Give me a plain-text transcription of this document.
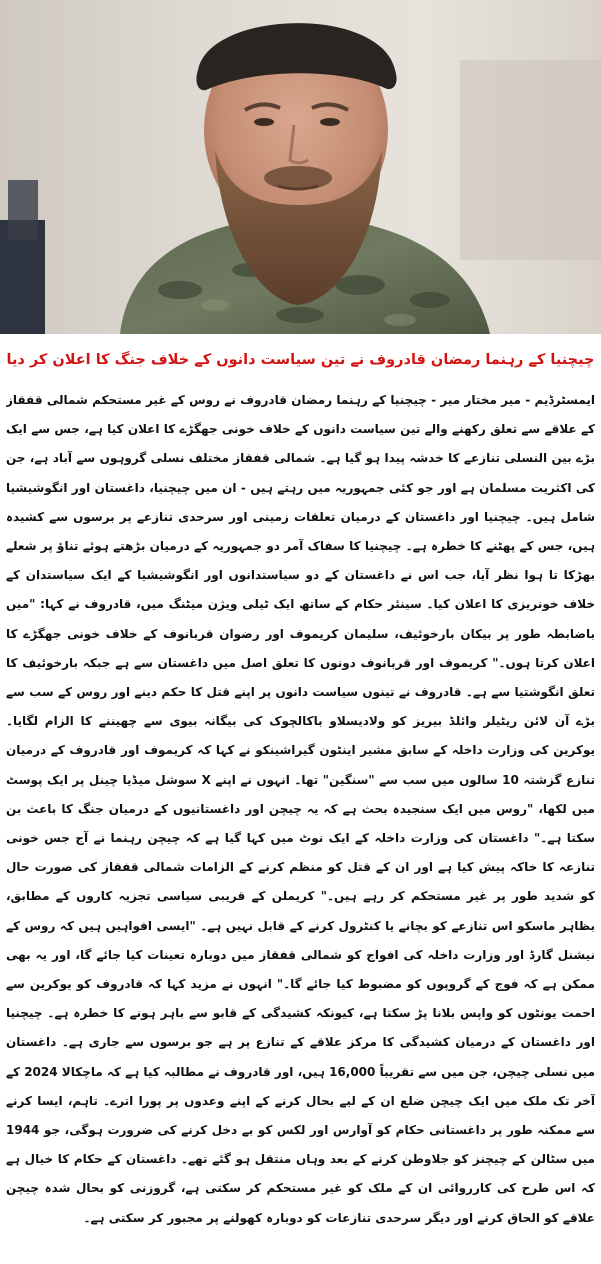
چیچنیا کے رہنما رمضان قادروف نے تین سیاست دانوں کے خلاف جنگ کا اعلان کر دیا

ایمسٹرڈیم - میر مختار میر - چیچنیا کے رہنما رمضان قادروف نے روس کے غیر مستحکم شمالی قفقاز کے علاقے سے تعلق رکھنے والے تین سیاست دانوں کے خلاف خونی جھگڑے کا اعلان کیا ہے، جس سے ایک بڑے بین النسلی تنازعے کا خدشہ پیدا ہو گیا ہے۔ شمالی قفقاز مختلف نسلی گروہوں سے آباد ہے، جن کی اکثریت مسلمان ہے اور جو کئی جمہوریہ میں رہتے ہیں - ان میں چیچنیا، داغستان اور انگوشیشیا شامل ہیں۔ چیچنیا اور داغستان کے درمیان تعلقات زمینی اور سرحدی تنازعے پر برسوں سے کشیدہ ہیں، جس کے پھٹنے کا خطرہ ہے۔ چیچنیا کا سفاک آمر دو جمہوریہ کے درمیان بڑھتے ہوئے تناؤ پر شعلے بھڑکا تا ہوا نظر آیا، جب اس نے داغستان کے دو سیاستدانوں اور انگوشیشیا کے ایک سیاستدان کے خلاف خونریزی کا اعلان کیا۔ سینئر حکام کے ساتھ ایک ٹیلی ویژن میٹنگ میں، قادروف نے کہا: "میں باضابطہ طور پر بیکان بارخوئیف، سلیمان کریموف اور رضوان قربانوف کے خلاف خونی جھگڑے کا اعلان کرتا ہوں۔" کریموف اور قربانوف دونوں کا تعلق اصل میں داغستان سے ہے جبکہ بارخوئیف کا تعلق انگوشتیا سے ہے۔ قادروف نے تینوں سیاست دانوں پر اپنے قتل کا حکم دینے اور روس کے سب سے بڑے آن لائن ریٹیلر وائلڈ بیریز کو ولادیسلاو باکالچوک کی بیگانہ بیوی سے چھیننے کا الزام لگایا۔ یوکرین کی وزارت داخلہ کے سابق مشیر اینٹون گیراشینکو نے کہا کہ کریموف اور قادروف کے درمیان تنازع گزشتہ 10 سالوں میں سب سے "سنگین" تھا۔ انہوں نے اپنے X سوشل میڈیا چینل پر ایک پوسٹ میں لکھا، "روس میں ایک سنجیدہ بحث ہے کہ یہ چیچن اور داغستانیوں کے درمیان جنگ کا باعث بن سکتا ہے۔" داغستان کی وزارت داخلہ کے ایک نوٹ میں کہا گیا ہے کہ چیچن رہنما نے آج جس خونی تنازعہ کا خاکہ پیش کیا ہے اور ان کے قتل کو منظم کرنے کے الزامات شمالی قفقاز کی صورت حال کو شدید طور پر غیر مستحکم کر رہے ہیں۔" کریملن کے قریبی سیاسی تجزیہ کاروں کے مطابق، بظاہر ماسکو اس تنازعے کو بچانے یا کنٹرول کرنے کے قابل نہیں ہے۔ "ایسی افواہیں ہیں کہ روس کے نیشنل گارڈ اور وزارت داخلہ کی افواج کو شمالی قفقاز میں دوبارہ تعینات کیا جائے گا، اور یہ بھی ممکن ہے کہ فوج کے گروپوں کو مضبوط کیا جائے گا۔" انہوں نے مزید کہا کہ قادروف کو یوکرین سے احمت یونٹوں کو واپس بلانا پڑ سکتا ہے، کیونکہ کشیدگی کے قابو سے باہر ہونے کا خطرہ ہے۔ چیچنیا اور داغستان کے درمیان کشیدگی کا مرکز علاقے کے تنازع پر ہے جو برسوں سے جاری ہے۔ داغستان میں نسلی چیچن، جن میں سے تقریباً 16,000 ہیں، اور قادروف نے مطالبہ کیا ہے کہ ماچکالا 2024 کے آخر تک ملک میں ایک چیچن ضلع ان کے لیے بحال کرنے کے اپنے وعدوں پر پورا اترے۔ تاہم، ایسا کرنے سے ممکنہ طور پر داغستانی حکام کو آوارس اور لکس کو بے دخل کرنے کی ضرورت ہوگی، جو 1944 میں سٹالن کے چیچنز کو جلاوطن کرنے کے بعد وہاں منتقل ہو گئے تھے۔ داغستان کے حکام کا خیال ہے کہ اس طرح کی کارروائی ان کے ملک کو غیر مستحکم کر سکتی ہے، گروزنی کو بحال شدہ چیچن علاقے کو الحاق کرنے اور دیگر سرحدی تنازعات کو دوبارہ کھولنے پر مجبور کر سکتی ہے۔
